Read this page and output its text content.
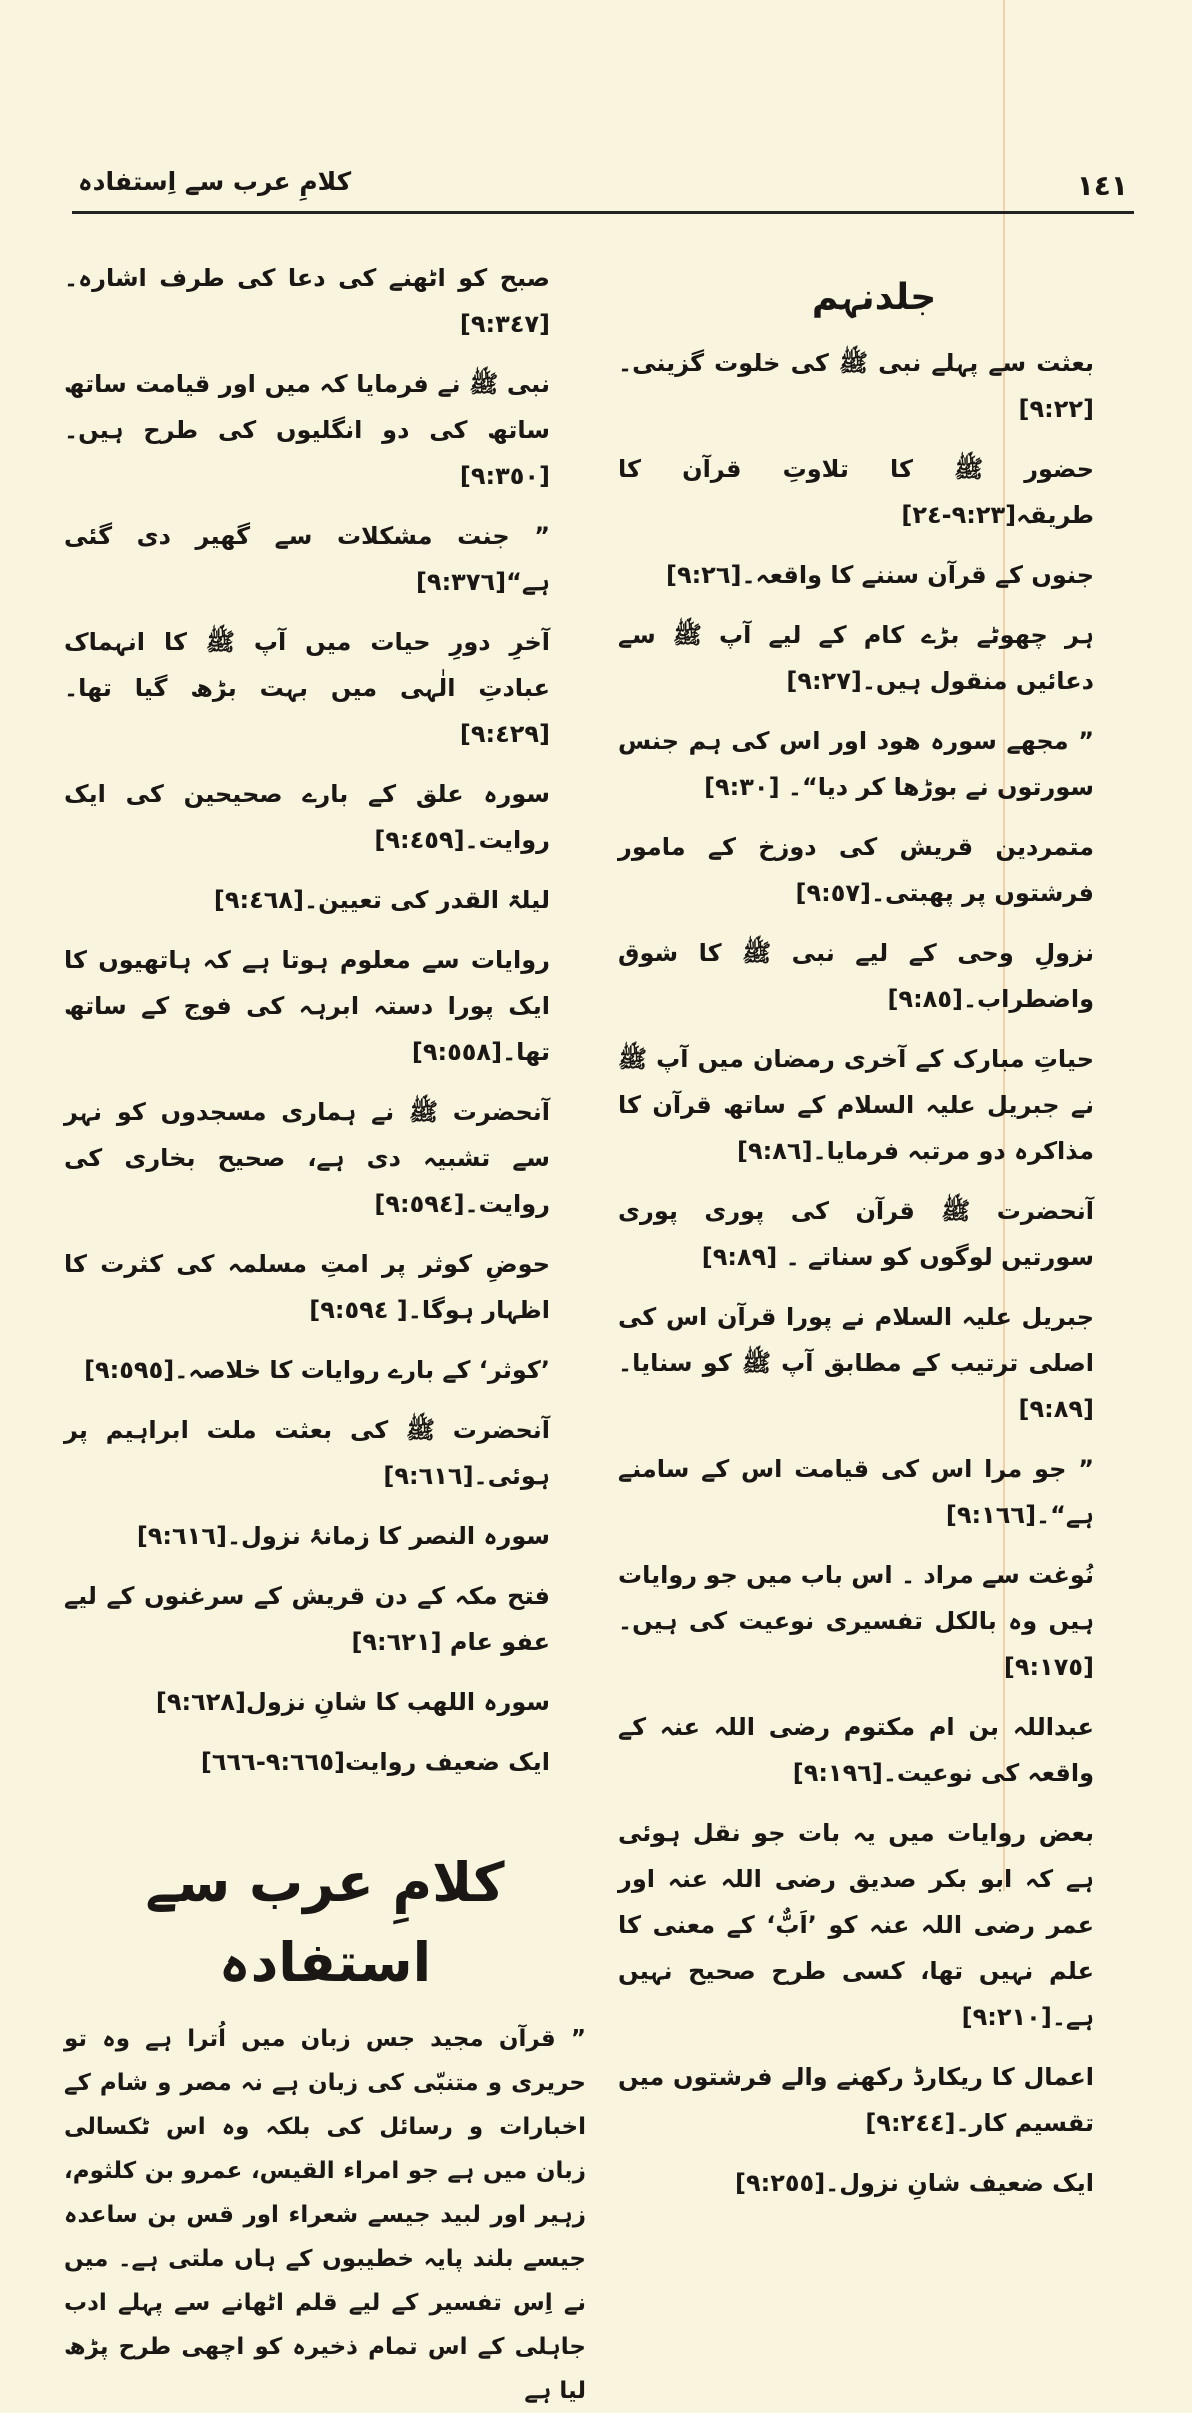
١٤١
کلامِ عرب سے اِستفادہ
جلدنہم
بعثت سے پہلے نبی ﷺ کی خلوت گزینی۔[٩:٢٢]
حضور ﷺ کا تلاوتِ قرآن کا طریقہ[٩:٢٣-٢٤]
جنوں کے قرآن سننے کا واقعہ۔[٩:٢٦]
ہر چھوٹے بڑے کام کے لیے آپ ﷺ سے دعائیں منقول ہیں۔[٩:٢٧]
” مجھے سورہ ھود اور اس کی ہم جنس سورتوں نے بوڑھا کر دیا“۔ [٩:٣٠]
متمردین قریش کی دوزخ کے مامور فرشتوں پر پھبتی۔[٩:٥٧]
نزولِ وحی کے لیے نبی ﷺ کا شوق واضطراب۔[٩:٨٥]
حیاتِ مبارک کے آخری رمضان میں آپ ﷺ نے جبریل علیہ السلام کے ساتھ قرآن کا مذاکرہ دو مرتبہ فرمایا۔[٩:٨٦]
آنحضرت ﷺ قرآن کی پوری پوری سورتیں لوگوں کو سناتے ۔ [٩:٨٩]
جبریل علیہ السلام نے پورا قرآن اس کی اصلی ترتیب کے مطابق آپ ﷺ کو سنایا۔[٩:٨٩]
” جو مرا اس کی قیامت اس کے سامنے ہے“۔[٩:١٦٦]
نُوغت سے مراد ۔ اس باب میں جو روایات ہیں وہ بالکل تفسیری نوعیت کی ہیں۔[٩:١٧٥]
عبداللہ بن ام مکتوم رضی اللہ عنہ کے واقعہ کی نوعیت۔[٩:١٩٦]
بعض روایات میں یہ بات جو نقل ہوئی ہے کہ ابو بکر صدیق رضی اللہ عنہ اور عمر رضی اللہ عنہ کو ’اَبٌّ‘ کے معنی کا علم نہیں تھا، کسی طرح صحیح نہیں ہے۔[٩:٢١٠]
اعمال کا ریکارڈ رکھنے والے فرشتوں میں تقسیم کار۔[٩:٢٤٤]
ایک ضعیف شانِ نزول۔[٩:٢٥٥]
صبح کو اٹھنے کی دعا کی طرف اشارہ۔[٩:٣٤٧]
نبی ﷺ نے فرمایا کہ میں اور قیامت ساتھ ساتھ کی دو انگلیوں کی طرح ہیں۔[٩:٣٥٠]
” جنت مشکلات سے گھیر دی گئی ہے“[٩:٣٧٦]
آخرِ دورِ حیات میں آپ ﷺ کا انہماک عبادتِ الٰہی میں بہت بڑھ گیا تھا۔[٩:٤٢٩]
سورہ علق کے بارے صحیحین کی ایک روایت۔[٩:٤٥٩]
لیلۃ القدر کی تعیین۔[٩:٤٦٨]
روایات سے معلوم ہوتا ہے کہ ہاتھیوں کا ایک پورا دستہ ابرہہ کی فوج کے ساتھ تھا۔[٩:٥٥٨]
آنحضرت ﷺ نے ہماری مسجدوں کو نہر سے تشبیہ دی ہے، صحیح بخاری کی روایت۔[٩:٥٩٤]
حوضِ کوثر پر امتِ مسلمہ کی کثرت کا اظہار ہوگا۔[ ٩:٥٩٤]
’کوثر‘ کے بارے روایات کا خلاصہ۔[٩:٥٩٥]
آنحضرت ﷺ کی بعثت ملت ابراہیم پر ہوئی۔[٩:٦١٦]
سورہ النصر کا زمانۂ نزول۔[٩:٦١٦]
فتح مکہ کے دن قریش کے سرغنوں کے لیے عفو عام [٩:٦٢١]
سورہ اللھب کا شانِ نزول[٩:٦٢٨]
ایک ضعیف روایت[٩:٦٦٥-٦٦٦]
کلامِ عرب سے استفادہ
” قرآن مجید جس زبان میں اُترا ہے وہ تو حریری و متنبّی کی زبان ہے نہ مصر و شام کے اخبارات و رسائل کی بلکہ وہ اس ٹکسالی زبان میں ہے جو امراء القیس، عمرو بن کلثوم، زہیر اور لبید جیسے شعراء اور قس بن ساعدہ جیسے بلند پایہ خطیبوں کے ہاں ملتی ہے۔ میں نے اِس تفسیر کے لیے قلم اٹھانے سے پہلے ادب جاہلی کے اس تمام ذخیرہ کو اچھی طرح پڑھ لیا ہے
